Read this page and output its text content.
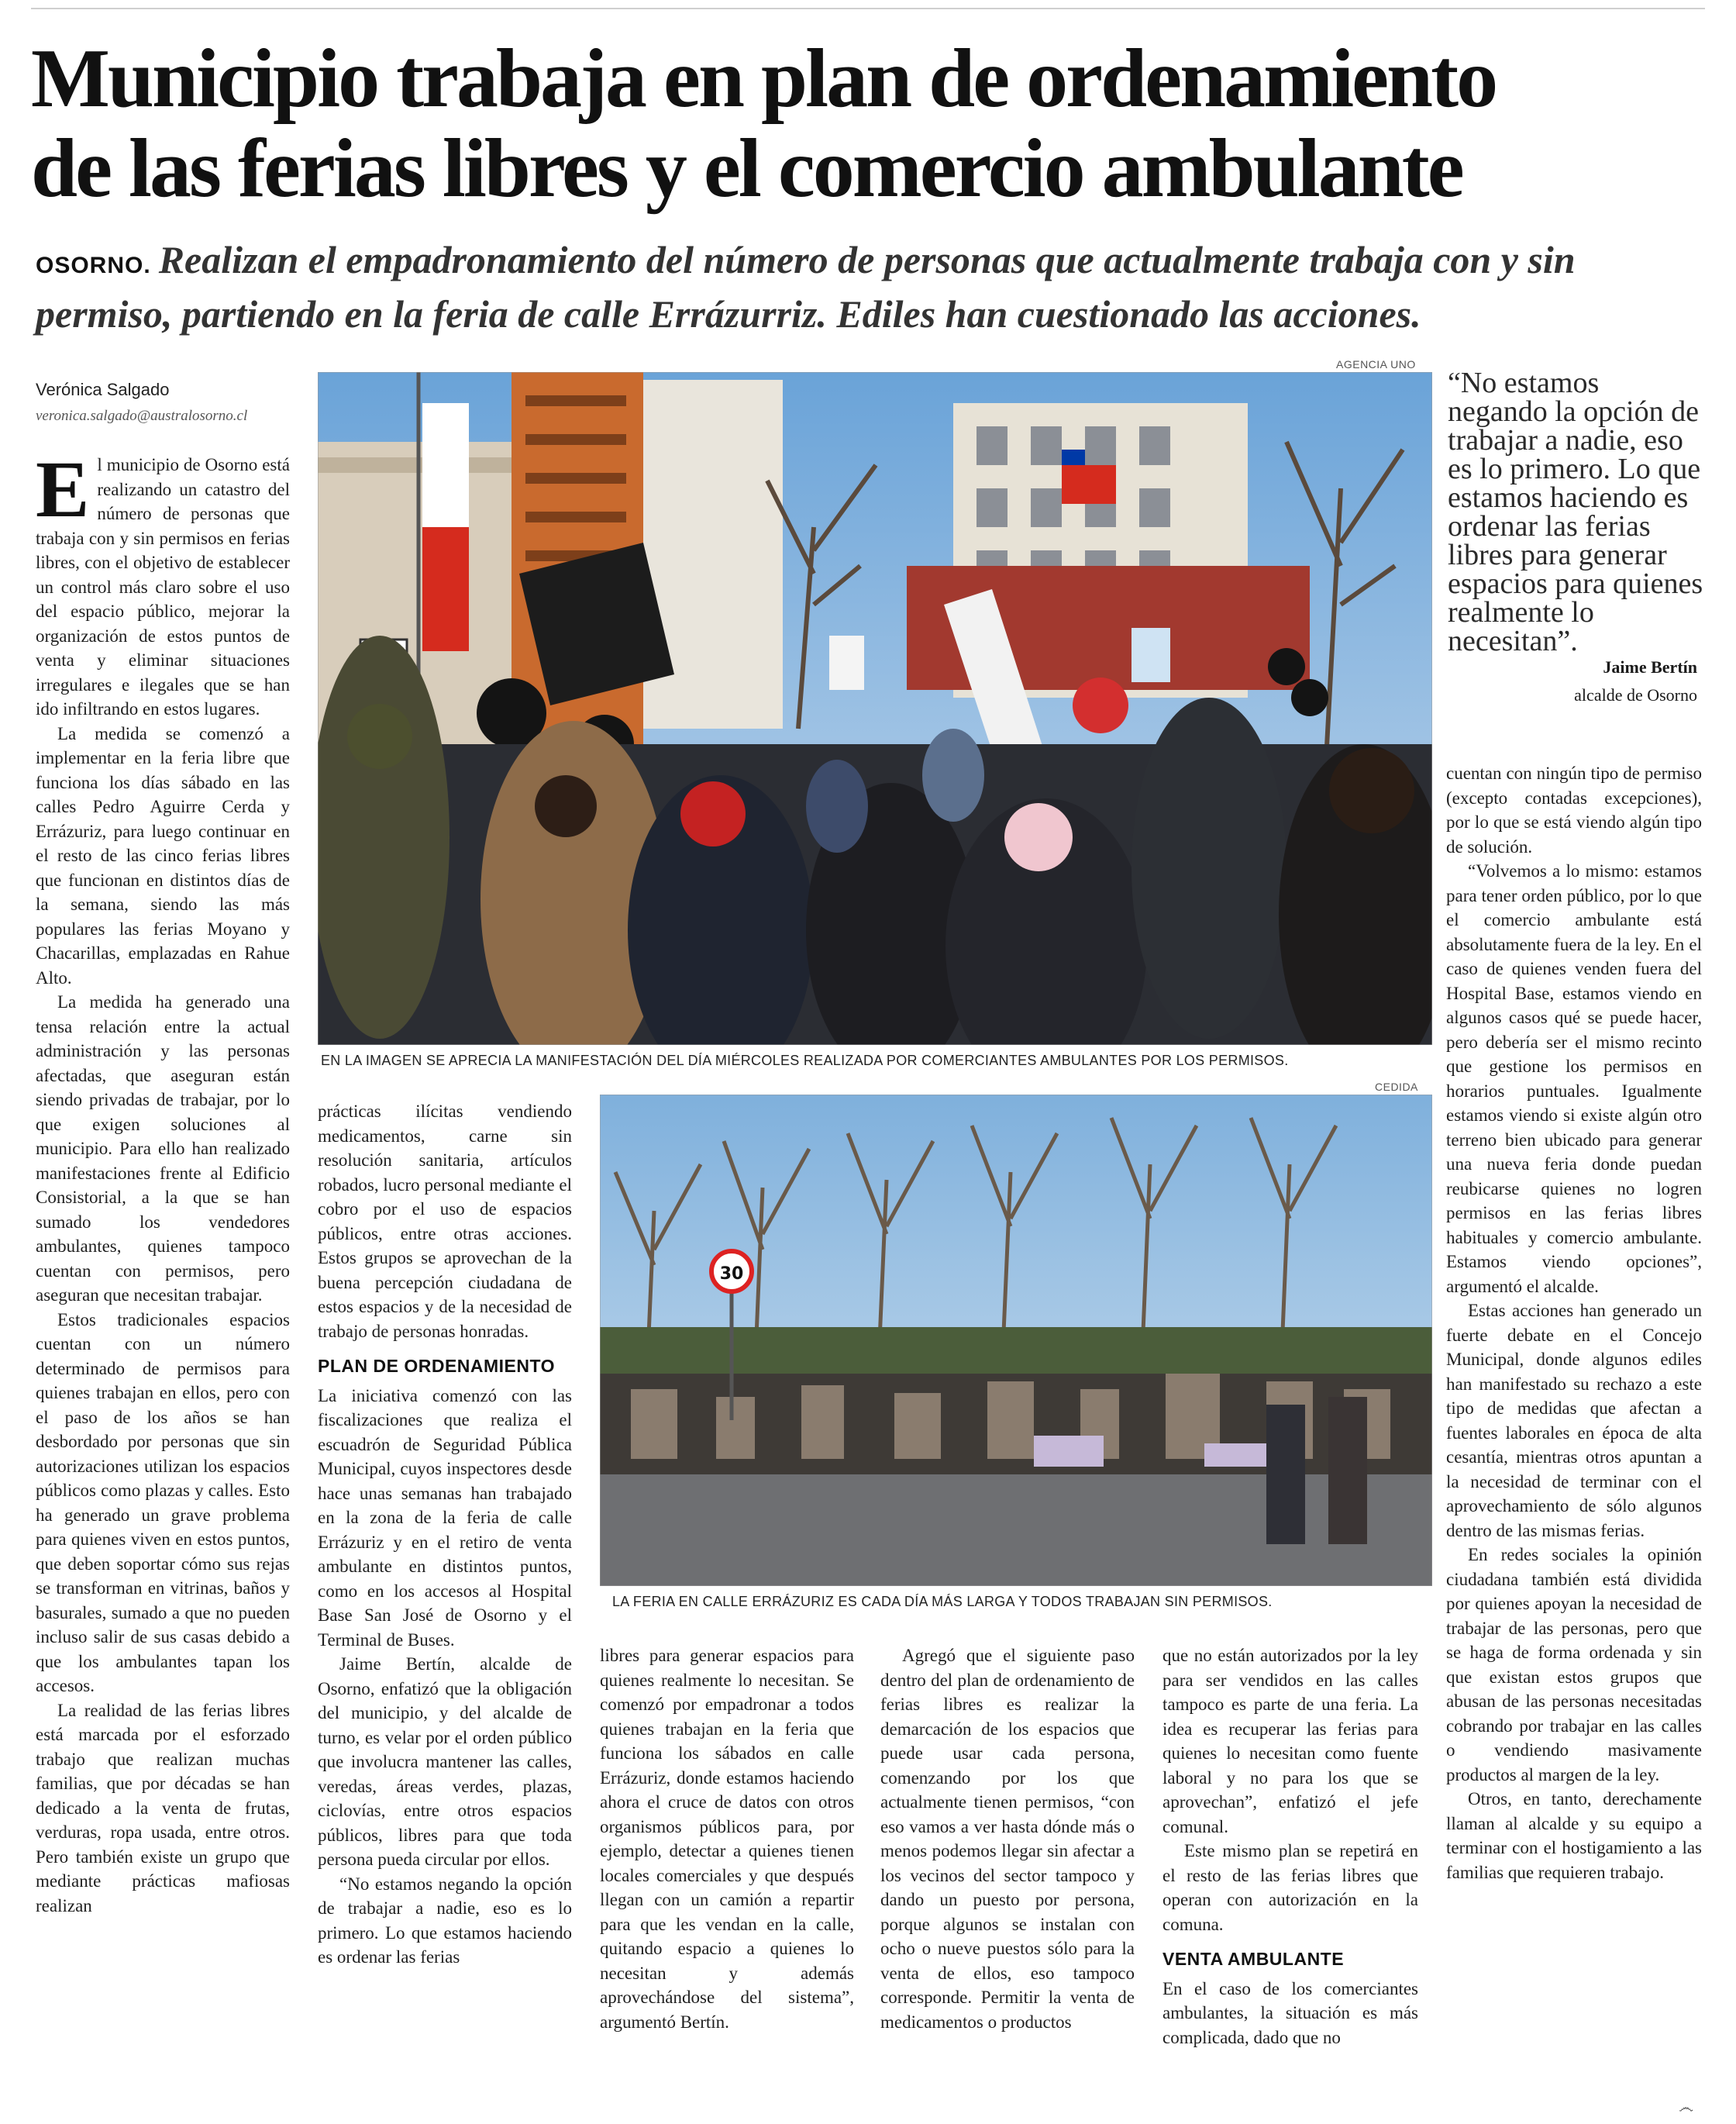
Municipio trabaja en plan de ordenamiento
de las ferias libres y el comercio ambulante
OSORNO. Realizan el empadronamiento del número de personas que actualmente trabaja con y sin permiso, partiendo en la feria de calle Errázurriz. Ediles han cuestionado las acciones.
Verónica Salgado
veronica.salgado@australosorno.cl

El municipio de Osorno está realizando un catastro del número de personas que trabaja con y sin permisos en ferias libres, con el objetivo de establecer un control más claro sobre el uso del espacio público, mejorar la organización de estos puntos de venta y eliminar situaciones irregulares e ilegales que se han ido infiltrando en estos lugares.

La medida se comenzó a implementar en la feria libre que funciona los días sábado en las calles Pedro Aguirre Cerda y Errázuriz, para luego continuar en el resto de las cinco ferias libres que funcionan en distintos días de la semana, siendo las más populares las ferias Moyano y Chacarillas, emplazadas en Rahue Alto.

La medida ha generado una tensa relación entre la actual administración y las personas afectadas, que aseguran están siendo privadas de trabajar, por lo que exigen soluciones al municipio. Para ello han realizado manifestaciones frente al Edificio Consistorial, a la que se han sumado los vendedores ambulantes, quienes tampoco cuentan con permisos, pero aseguran que necesitan trabajar.

Estos tradicionales espacios cuentan con un número determinado de permisos para quienes trabajan en ellos, pero con el paso de los años se han desbordado por personas que sin autorizaciones utilizan los espacios públicos como plazas y calles. Esto ha generado un grave problema para quienes viven en estos puntos, que deben soportar cómo sus rejas se transforman en vitrinas, baños y basurales, sumado a que no pueden incluso salir de sus casas debido a que los ambulantes tapan los accesos.

La realidad de las ferias libres está marcada por el esforzado trabajo que realizan muchas familias, que por décadas se han dedicado a la venta de frutas, verduras, ropa usada, entre otros. Pero también existe un grupo que mediante prácticas mafiosas realizan

AGENCIA UNO
EN LA IMAGEN SE APRECIA LA MANIFESTACIÓN DEL DÍA MIÉRCOLES REALIZADA POR COMERCIANTES AMBULANTES POR LOS PERMISOS.
“No estamos negando la opción de trabajar a nadie, eso es lo primero. Lo que estamos haciendo es ordenar las ferias libres para generar espacios para quienes realmente lo necesitan”.
Jaime Bertín
alcalde de Osorno

prácticas ilícitas vendiendo medicamentos, carne sin resolución sanitaria, artículos robados, lucro personal mediante el cobro por el uso de espacios públicos, entre otras acciones. Estos grupos se aprovechan de la buena percepción ciudadana de estos espacios y de la necesidad de trabajo de personas honradas.

PLAN DE ORDENAMIENTO

La iniciativa comenzó con las fiscalizaciones que realiza el escuadrón de Seguridad Pública Municipal, cuyos inspectores desde hace unas semanas han trabajado en la zona de la feria de calle Errázuriz y en el retiro de venta ambulante en distintos puntos, como en los accesos al Hospital Base San José de Osorno y el Terminal de Buses.

Jaime Bertín, alcalde de Osorno, enfatizó que la obligación del municipio, y del alcalde de turno, es velar por el orden público que involucra mantener las calles, veredas, áreas verdes, plazas, ciclovías, entre otros espacios públicos, libres para que toda persona pueda circular por ellos.

“No estamos negando la opción de trabajar a nadie, eso es lo primero. Lo que estamos haciendo es ordenar las ferias

CEDIDA
30
LA FERIA EN CALLE ERRÁZURIZ ES CADA DÍA MÁS LARGA Y TODOS TRABAJAN SIN PERMISOS.

libres para generar espacios para quienes realmente lo necesitan. Se comenzó por empadronar a todos quienes trabajan en la feria que funciona los sábados en calle Errázuriz, donde estamos haciendo ahora el cruce de datos con otros organismos públicos para, por ejemplo, detectar a quienes tienen locales comerciales y que después llegan con un camión a repartir para que les vendan en la calle, quitando espacio a quienes lo necesitan y además aprovechándose del sistema”, argumentó Bertín.

Agregó que el siguiente paso dentro del plan de ordenamiento de ferias libres es realizar la demarcación de los espacios que puede usar cada persona, comenzando por los que actualmente tienen permisos, “con eso vamos a ver hasta dónde más o menos podemos llegar sin afectar a los vecinos del sector tampoco y dando un puesto por persona, porque algunos se instalan con ocho o nueve puestos sólo para la venta de ellos, eso tampoco corresponde. Permitir la venta de medicamentos o productos

que no están autorizados por la ley para ser vendidos en las calles tampoco es parte de una feria. La idea es recuperar las ferias para quienes lo necesitan como fuente laboral y no para los que se aprovechan”, enfatizó el jefe comunal.

Este mismo plan se repetirá en el resto de las ferias libres que operan con autorización en la comuna.

VENTA AMBULANTE

En el caso de los comerciantes ambulantes, la situación es más complicada, dado que no

cuentan con ningún tipo de permiso (excepto contadas excepciones), por lo que se está viendo algún tipo de solución.

“Volvemos a lo mismo: estamos para tener orden público, por lo que el comercio ambulante está absolutamente fuera de la ley. En el caso de quienes venden fuera del Hospital Base, estamos viendo en algunos casos qué se puede hacer, pero debería ser el mismo recinto que gestione los permisos en horarios puntuales. Igualmente estamos viendo si existe algún otro terreno bien ubicado para generar una nueva feria donde puedan reubicarse quienes no logren permisos en las ferias libres habituales y comercio ambulante. Estamos viendo opciones”, argumentó el alcalde.

Estas acciones han generado un fuerte debate en el Concejo Municipal, donde algunos ediles han manifestado su rechazo a este tipo de medidas que afectan a fuentes laborales en época de alta cesantía, mientras otros apuntan a la necesidad de terminar con el aprovechamiento de sólo algunos dentro de las mismas ferias.

En redes sociales la opinión ciudadana también está dividida por quienes apoyan la necesidad de trabajar de las personas, pero que se haga de forma ordenada y sin que existan estos grupos que abusan de las personas necesitadas cobrando por trabajar en las calles o vendiendo masivamente productos al margen de la ley.

Otros, en tanto, derechamente llaman al alcalde y su equipo a terminar con el hostigamiento a las familias que requieren trabajo.

෴
